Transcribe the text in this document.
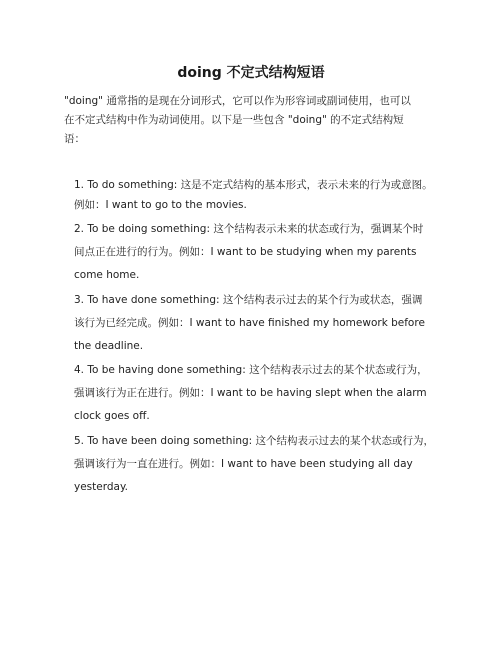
doing 不定式结构短语
"doing" 通常指的是现在分词形式，它可以作为形容词或副词使用，也可以
在不定式结构中作为动词使用。以下是一些包含 "doing" 的不定式结构短
语：
1. To do something: 这是不定式结构的基本形式，表示未来的行为或意图。
例如：I want to go to the movies.
2. To be doing something: 这个结构表示未来的状态或行为，强调某个时
间点正在进行的行为。例如：I want to be studying when my parents
come home.
3. To have done something: 这个结构表示过去的某个行为或状态，强调
该行为已经完成。例如：I want to have finished my homework before
the deadline.
4. To be having done something: 这个结构表示过去的某个状态或行为，
强调该行为正在进行。例如：I want to be having slept when the alarm
clock goes off.
5. To have been doing something: 这个结构表示过去的某个状态或行为，
强调该行为一直在进行。例如：I want to have been studying all day
yesterday.
